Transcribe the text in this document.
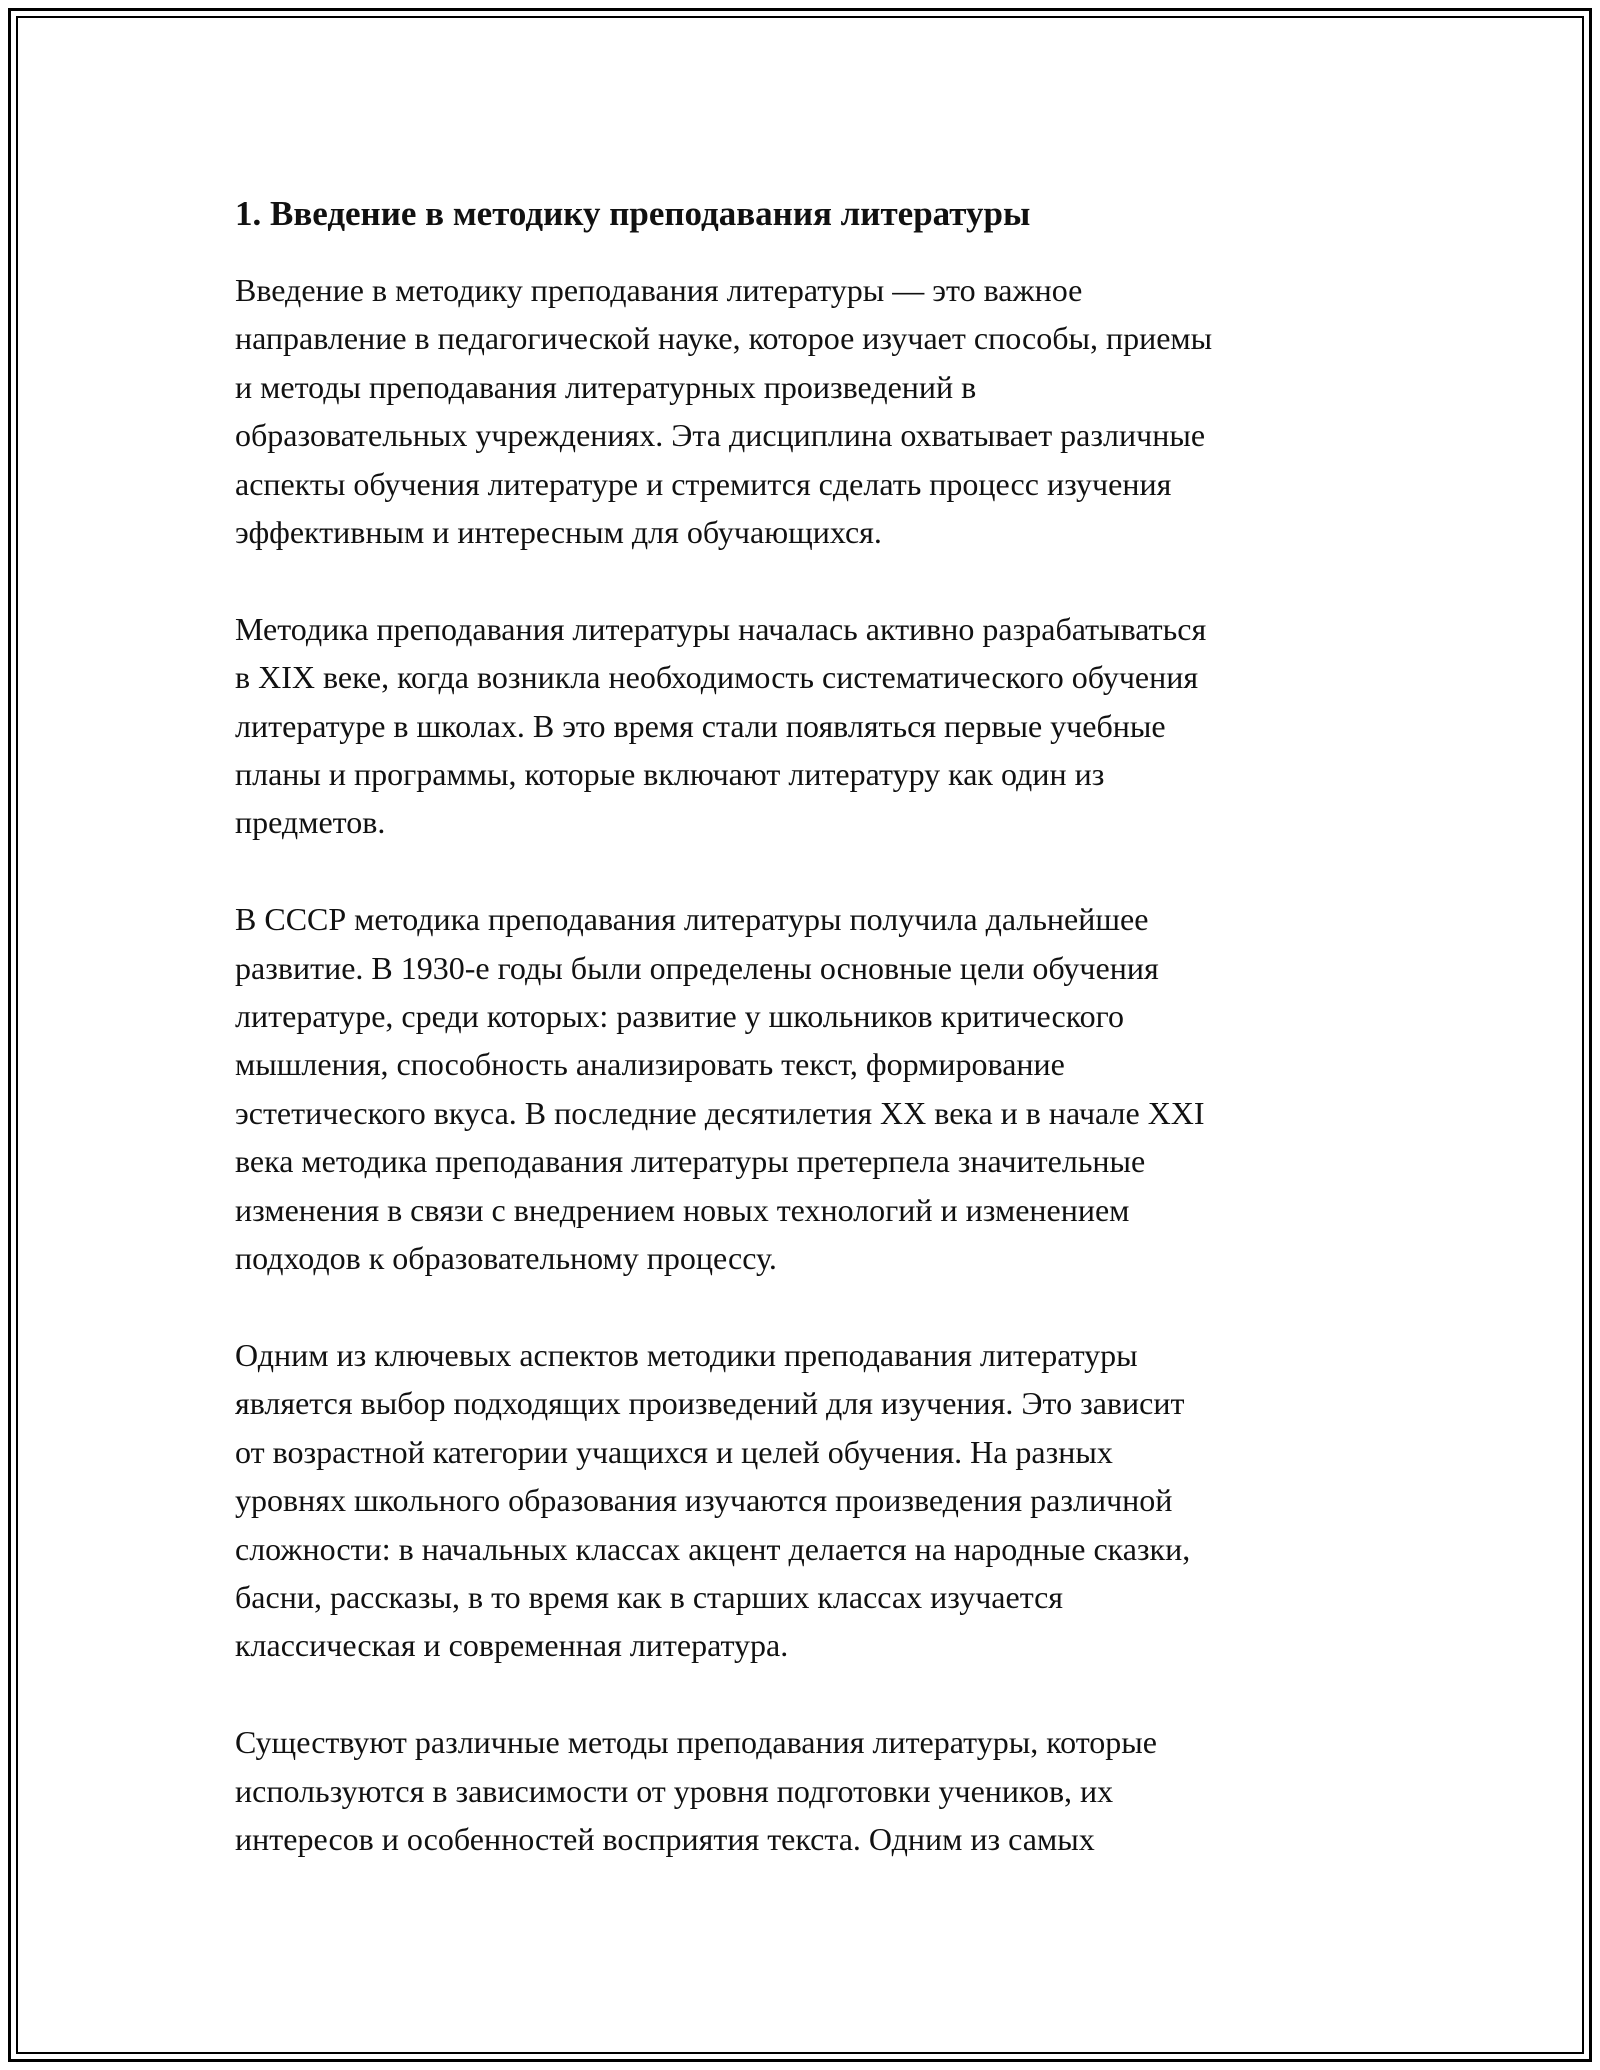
1. Введение в методику преподавания литературы

Введение в методику преподавания литературы — это важное
направление в педагогической науке, которое изучает способы, приемы
и методы преподавания литературных произведений в
образовательных учреждениях. Эта дисциплина охватывает различные
аспекты обучения литературе и стремится сделать процесс изучения
эффективным и интересным для обучающихся.

Методика преподавания литературы началась активно разрабатываться
в XIX веке, когда возникла необходимость систематического обучения
литературе в школах. В это время стали появляться первые учебные
планы и программы, которые включают литературу как один из
предметов.

В СССР методика преподавания литературы получила дальнейшее
развитие. В 1930-е годы были определены основные цели обучения
литературе, среди которых: развитие у школьников критического
мышления, способность анализировать текст, формирование
эстетического вкуса. В последние десятилетия XX века и в начале XXI
века методика преподавания литературы претерпела значительные
изменения в связи с внедрением новых технологий и изменением
подходов к образовательному процессу.

Одним из ключевых аспектов методики преподавания литературы
является выбор подходящих произведений для изучения. Это зависит
от возрастной категории учащихся и целей обучения. На разных
уровнях школьного образования изучаются произведения различной
сложности: в начальных классах акцент делается на народные сказки,
басни, рассказы, в то время как в старших классах изучается
классическая и современная литература.

Существуют различные методы преподавания литературы, которые
используются в зависимости от уровня подготовки учеников, их
интересов и особенностей восприятия текста. Одним из самых
